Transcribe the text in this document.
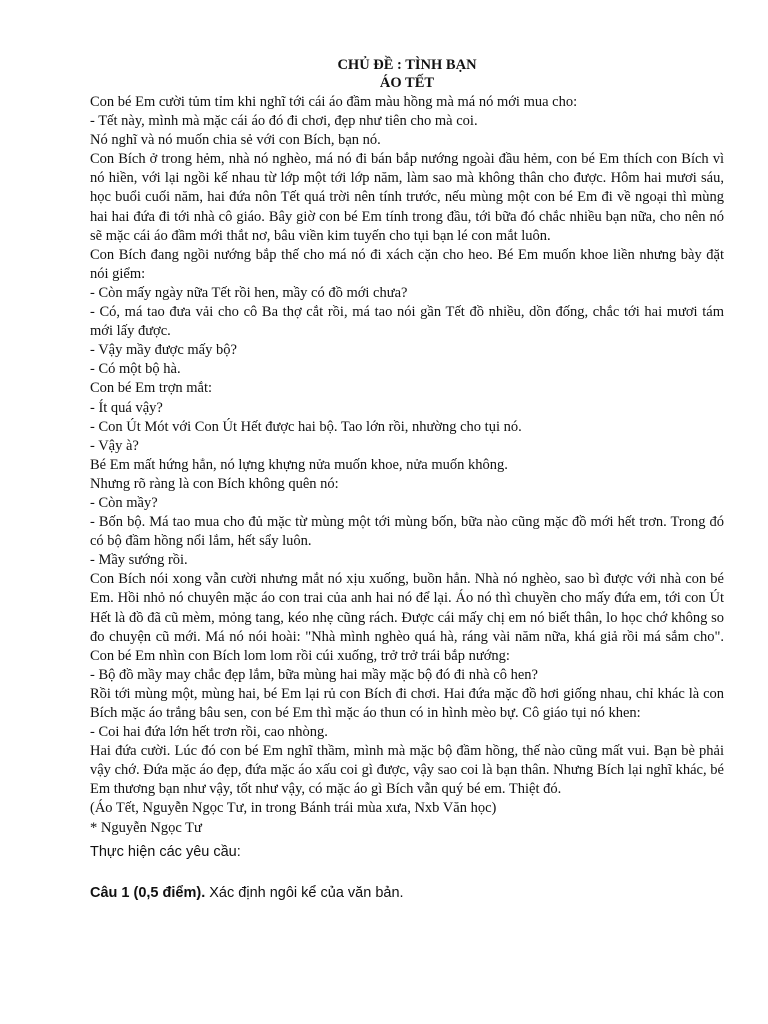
CHỦ ĐỀ : TÌNH BẠN

ÁO TẾT

Con bé Em cười tủm tỉm khi nghĩ tới cái áo đầm màu hồng mà má nó mới mua cho:

- Tết này, mình mà mặc cái áo đó đi chơi, đẹp như tiên cho mà coi.

Nó nghĩ và nó muốn chia sẻ với con Bích, bạn nó.

Con Bích ở trong hẻm, nhà nó nghèo, má nó đi bán bắp nướng ngoài đầu hẻm, con bé Em thích con Bích vì nó hiền, với lại ngồi kế nhau từ lớp một tới lớp năm, làm sao mà không thân cho được. Hôm hai mươi sáu, học buổi cuối năm, hai đứa nôn Tết quá trời nên tính trước, nếu mùng một con bé Em đi về ngoại thì mùng hai hai đứa đi tới nhà cô giáo. Bây giờ con bé Em tính trong đầu, tới bữa đó chắc nhiều bạn nữa, cho nên nó sẽ mặc cái áo đầm mới thắt nơ, bâu viền kim tuyến cho tụi bạn lé con mắt luôn.

Con Bích đang ngồi nướng bắp thế cho má nó đi xách cặn cho heo. Bé Em muốn khoe liền nhưng bày đặt nói giểm:

- Còn mấy ngày nữa Tết rồi hen, mầy có đồ mới chưa?

- Có, má tao đưa vải cho cô Ba thợ cắt rồi, má tao nói gần Tết đồ nhiều, dồn đống, chắc tới hai mươi tám mới lấy được.

- Vậy mầy được mấy bộ?

- Có một bộ hà.

Con bé Em trợn mắt:

- Ít quá vậy?

- Con Út Mót với Con Út Hết được hai bộ. Tao lớn rồi, nhường cho tụi nó.

- Vậy à?

Bé Em mất hứng hẳn, nó lựng khựng nửa muốn khoe, nửa muốn không.

Nhưng rõ ràng là con Bích không quên nó:

- Còn mầy?

- Bốn bộ. Má tao mua cho đủ mặc từ mùng một tới mùng bốn, bữa nào cũng mặc đồ mới hết trơn. Trong đó có bộ đầm hồng nổi lắm, hết sẩy luôn.

- Mầy sướng rồi.

Con Bích nói xong vẫn cười nhưng mắt nó xịu xuống, buồn hẳn. Nhà nó nghèo, sao bì được với nhà con bé Em. Hồi nhỏ nó chuyên mặc áo con trai của anh hai nó để lại. Áo nó thì chuyền cho mấy đứa em, tới con Út Hết là đồ đã cũ mèm, mỏng tang, kéo nhẹ cũng rách. Được cái mấy chị em nó biết thân, lo học chớ không so đo chuyện cũ mới. Má nó nói hoài: "Nhà mình nghèo quá hà, ráng vài năm nữa, khá giả rồi má sắm cho". Con bé Em nhìn con Bích lom lom rồi cúi xuống, trở trở trái bắp nướng:

- Bộ đồ mầy may chắc đẹp lắm, bữa mùng hai mầy mặc bộ đó đi nhà cô hen?

Rồi tới mùng một, mùng hai, bé Em lại rủ con Bích đi chơi. Hai đứa mặc đồ hơi giống nhau, chỉ khác là con Bích mặc áo trắng bâu sen, con bé Em thì mặc áo thun có in hình mèo bự. Cô giáo tụi nó khen:

- Coi hai đứa lớn hết trơn rồi, cao nhòng.

Hai đứa cười. Lúc đó con bé Em nghĩ thầm, mình mà mặc bộ đầm hồng, thế nào cũng mất vui. Bạn bè phải vậy chớ. Đứa mặc áo đẹp, đứa mặc áo xấu coi gì được, vậy sao coi là bạn thân. Nhưng Bích lại nghĩ khác, bé Em thương bạn như vậy, tốt như vậy, có mặc áo gì Bích vẫn quý bé em. Thiệt đó.

(Áo Tết, Nguyễn Ngọc Tư, in trong Bánh trái mùa xưa, Nxb Văn học)

* Nguyễn Ngọc Tư

Thực hiện các yêu cầu:

Câu 1 (0,5 điểm). Xác định ngôi kể của văn bản.
